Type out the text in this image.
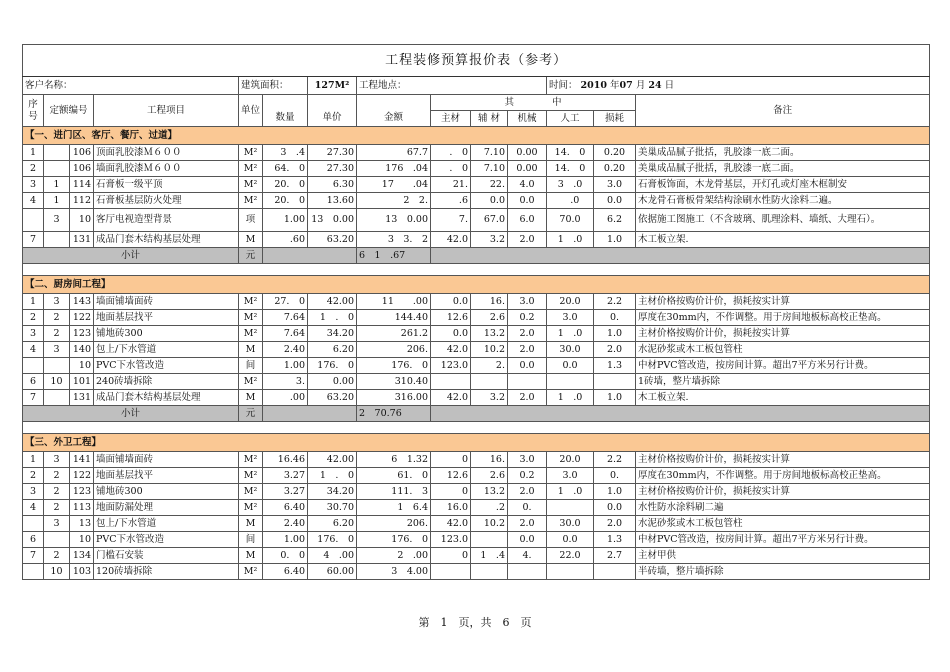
工程装修预算报价表（参考）													
客户名称：				建筑面积：		127M²	工程地点：				时间： 2010 年07 月 24 日		
序号	定额编号		工程项目	单位				其　　　　中					备注
					数量	单价	金额	主材	辅 材	机械	人工	损耗	
【一、进门区、客厅、餐厅、过道】													
1		106	顶面乳胶漆Ｍ６００	M²	3　.4	27.30	67.7	　.　0	7.10	0.00	14.　0	0.20	美巢成品腻子批括，乳胶漆一底二面。
2		106	墙面乳胶漆Ｍ６００	M²	64.　0	27.30	176　.04	　.　0	7.10	0.00	14.　0	0.20	美巢成品腻子批括，乳胶漆一底二面。
3	1	114	石膏板一级平顶	M²	20.　0	6.30	17　　.04	21.	22.	4.0	3　.0	3.0	石膏板饰面，木龙骨基层，开灯孔或灯座木框制安
4	1	112	石膏板基层防火处理	M²	20.　0	13.60	2　2.	　.6	0.0	0.0	　.0	0.0	木龙骨石膏板骨架结构涂刷水性防火涂料二遍。
	3	10	客厅电视造型背景	项	1.00	13　0.00	13　0.00	7.	67.0	6.0	70.0	6.2	依据施工图施工（不含玻璃、肌理涂料、墙纸、大理石）。
7		131	成品门套木结构基层处理	M	　.60	63.20	3　3.　2	42.0	3.2	2.0	1　.0	1.0	木工板立架.
小计				元			6　1　.67						

【二、厨房间工程】													
1	3	143	墙面铺墙面砖	M²	27.　0	42.00	11　　.00	0.0	16.	3.0	20.0	2.2	主材价格按购价计价，损耗按实计算
2	2	122	地面基层找平	M²	7.64	1　.　0	144.40	12.6	2.6	0.2	3.0	0.	厚度在30mm内，不作调整。用于房间地板标高校正垫高。
3	2	123	铺地砖300	M²	7.64	34.20	261.2	0.0	13.2	2.0	1　.0	1.0	主材价格按购价计价，损耗按实计算
4	3	140	包上/下水管道	M	2.40	6.20	206.	42.0	10.2	2.0	30.0	2.0	水泥砂浆或木工板包管柱
		10	PVC下水管改造	间	1.00	176.　0	176.　0	123.0	2.	0.0	0.0	1.3	中材PVC管改造，按房间计算。超出7平方米另行计费。
6	10	101	240砖墙拆除	M²	3.	0.00	310.40						1砖墙，整片墙拆除
7		131	成品门套木结构基层处理	M	　.00	63.20	316.00	42.0	3.2	2.0	1　.0	1.0	木工板立架.
小计				元			2　70.76						

【三、外卫工程】													
1	3	141	墙面铺墙面砖	M²	16.46	42.00	6　1.32	0	16.	3.0	20.0	2.2	主材价格按购价计价，损耗按实计算
2	2	122	地面基层找平	M²	3.27	1　.　0	61.　0	12.6	2.6	0.2	3.0	0.	厚度在30mm内，不作调整。用于房间地板标高校正垫高。
3	2	123	铺地砖300	M²	3.27	34.20	111.　3	0	13.2	2.0	1　.0	1.0	主材价格按购价计价，损耗按实计算
4	2	113	地面防漏处理	M²	6.40	30.70	1　6.4	16.0	　.2	0.		0.0	水性防水涂料刷二遍
	3	13	包上/下水管道	M	2.40	6.20	206.	42.0	10.2	2.0	30.0	2.0	水泥砂浆或木工板包管柱
6		10	PVC下水管改造	间	1.00	176.　0	176.　0	123.0		0.0	0.0	1.3	中材PVC管改造，按房间计算。超出7平方米另行计费。
7	2	134	门槛石安装	M	0.　0	4　.00	2　.00	0	1　.4	4.	22.0	2.7	主材甲供
	10	103	120砖墙拆除	M²	6.40	60.00	3　4.00						半砖墙，整片墙拆除
第　1　页，共　6　页
